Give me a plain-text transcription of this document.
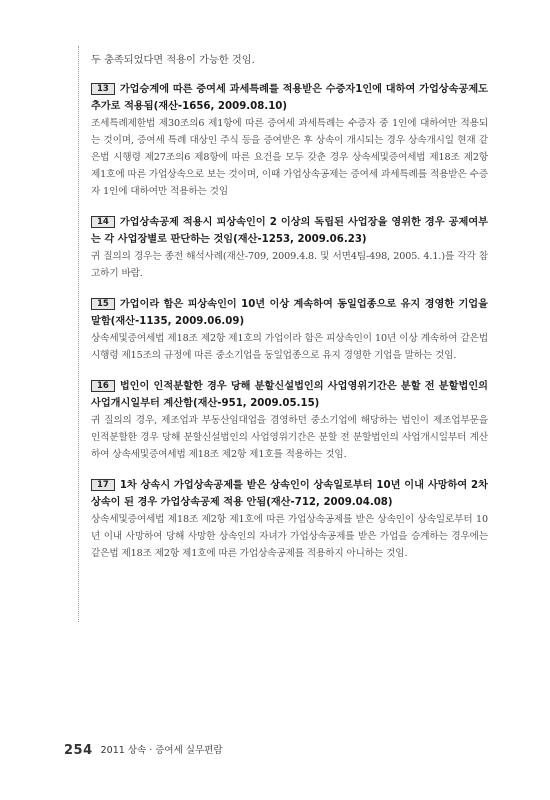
두 충족되었다면 적용이 가능한 것임.

13 가업승계에 따른 증여세 과세특례를 적용받은 수증자1인에 대하여 가업상속공제도 추가로 적용됨(재산-1656, 2009.08.10)

조세특례제한법 제30조의6 제1항에 따른 증여세 과세특례는 수증자 중 1인에 대하여만 적용되는 것이며, 증여세 특례 대상인 주식 등을 증여받은 후 상속이 개시되는 경우 상속개시일 현재 같은법 시행령 제27조의6 제8항에 따른 요건을 모두 갖춘 경우 상속세및증여세법 제18조 제2항 제1호에 따른 가업상속으로 보는 것이며, 이때 가업상속공제는 증여세 과세특례를 적용받은 수증자 1인에 대하여만 적용하는 것임

14 가업상속공제 적용시 피상속인이 2 이상의 독립된 사업장을 영위한 경우 공제여부는 각 사업장별로 판단하는 것임(재산-1253, 2009.06.23)

귀 질의의 경우는 종전 해석사례(재산-709, 2009.4.8. 및 서면4팀-498, 2005. 4.1.)를 각각 참고하기 바람.

15 가업이라 함은 피상속인이 10년 이상 계속하여 동일업종으로 유지 경영한 기업을 말함(재산-1135, 2009.06.09)

상속세및증여세법 제18조 제2항 제1호의 가업이라 함은 피상속인이 10년 이상 계속하여 같은법 시행령 제15조의 규정에 따른 중소기업을 동일업종으로 유지 경영한 기업을 말하는 것임.

16 법인이 인적분할한 경우 당해 분할신설법인의 사업영위기간은 분할 전 분할법인의 사업개시일부터 계산함(재산-951, 2009.05.15)

귀 질의의 경우, 제조업과 부동산임대업을 겸영하던 중소기업에 해당하는 법인이 제조업부문을 인적분할한 경우 당해 분할신설법인의 사업영위기간은 분할 전 분할법인의 사업개시일부터 계산하여 상속세및증여세법 제18조 제2항 제1호를 적용하는 것임.

17 1차 상속시 가업상속공제를 받은 상속인이 상속일로부터 10년 이내 사망하여 2차 상속이 된 경우 가업상속공제 적용 안됨(재산-712, 2009.04.08)

상속세및증여세법 제18조 제2항 제1호에 따른 가업상속공제를 받은 상속인이 상속일로부터 10년 이내 사망하여 당해 사망한 상속인의 자녀가 가업상속공제를 받은 가업을 승계하는 경우에는 같은법 제18조 제2항 제1호에 따른 가업상속공제를 적용하지 아니하는 것임.

254 2011 상속 · 증여세 실무편람
